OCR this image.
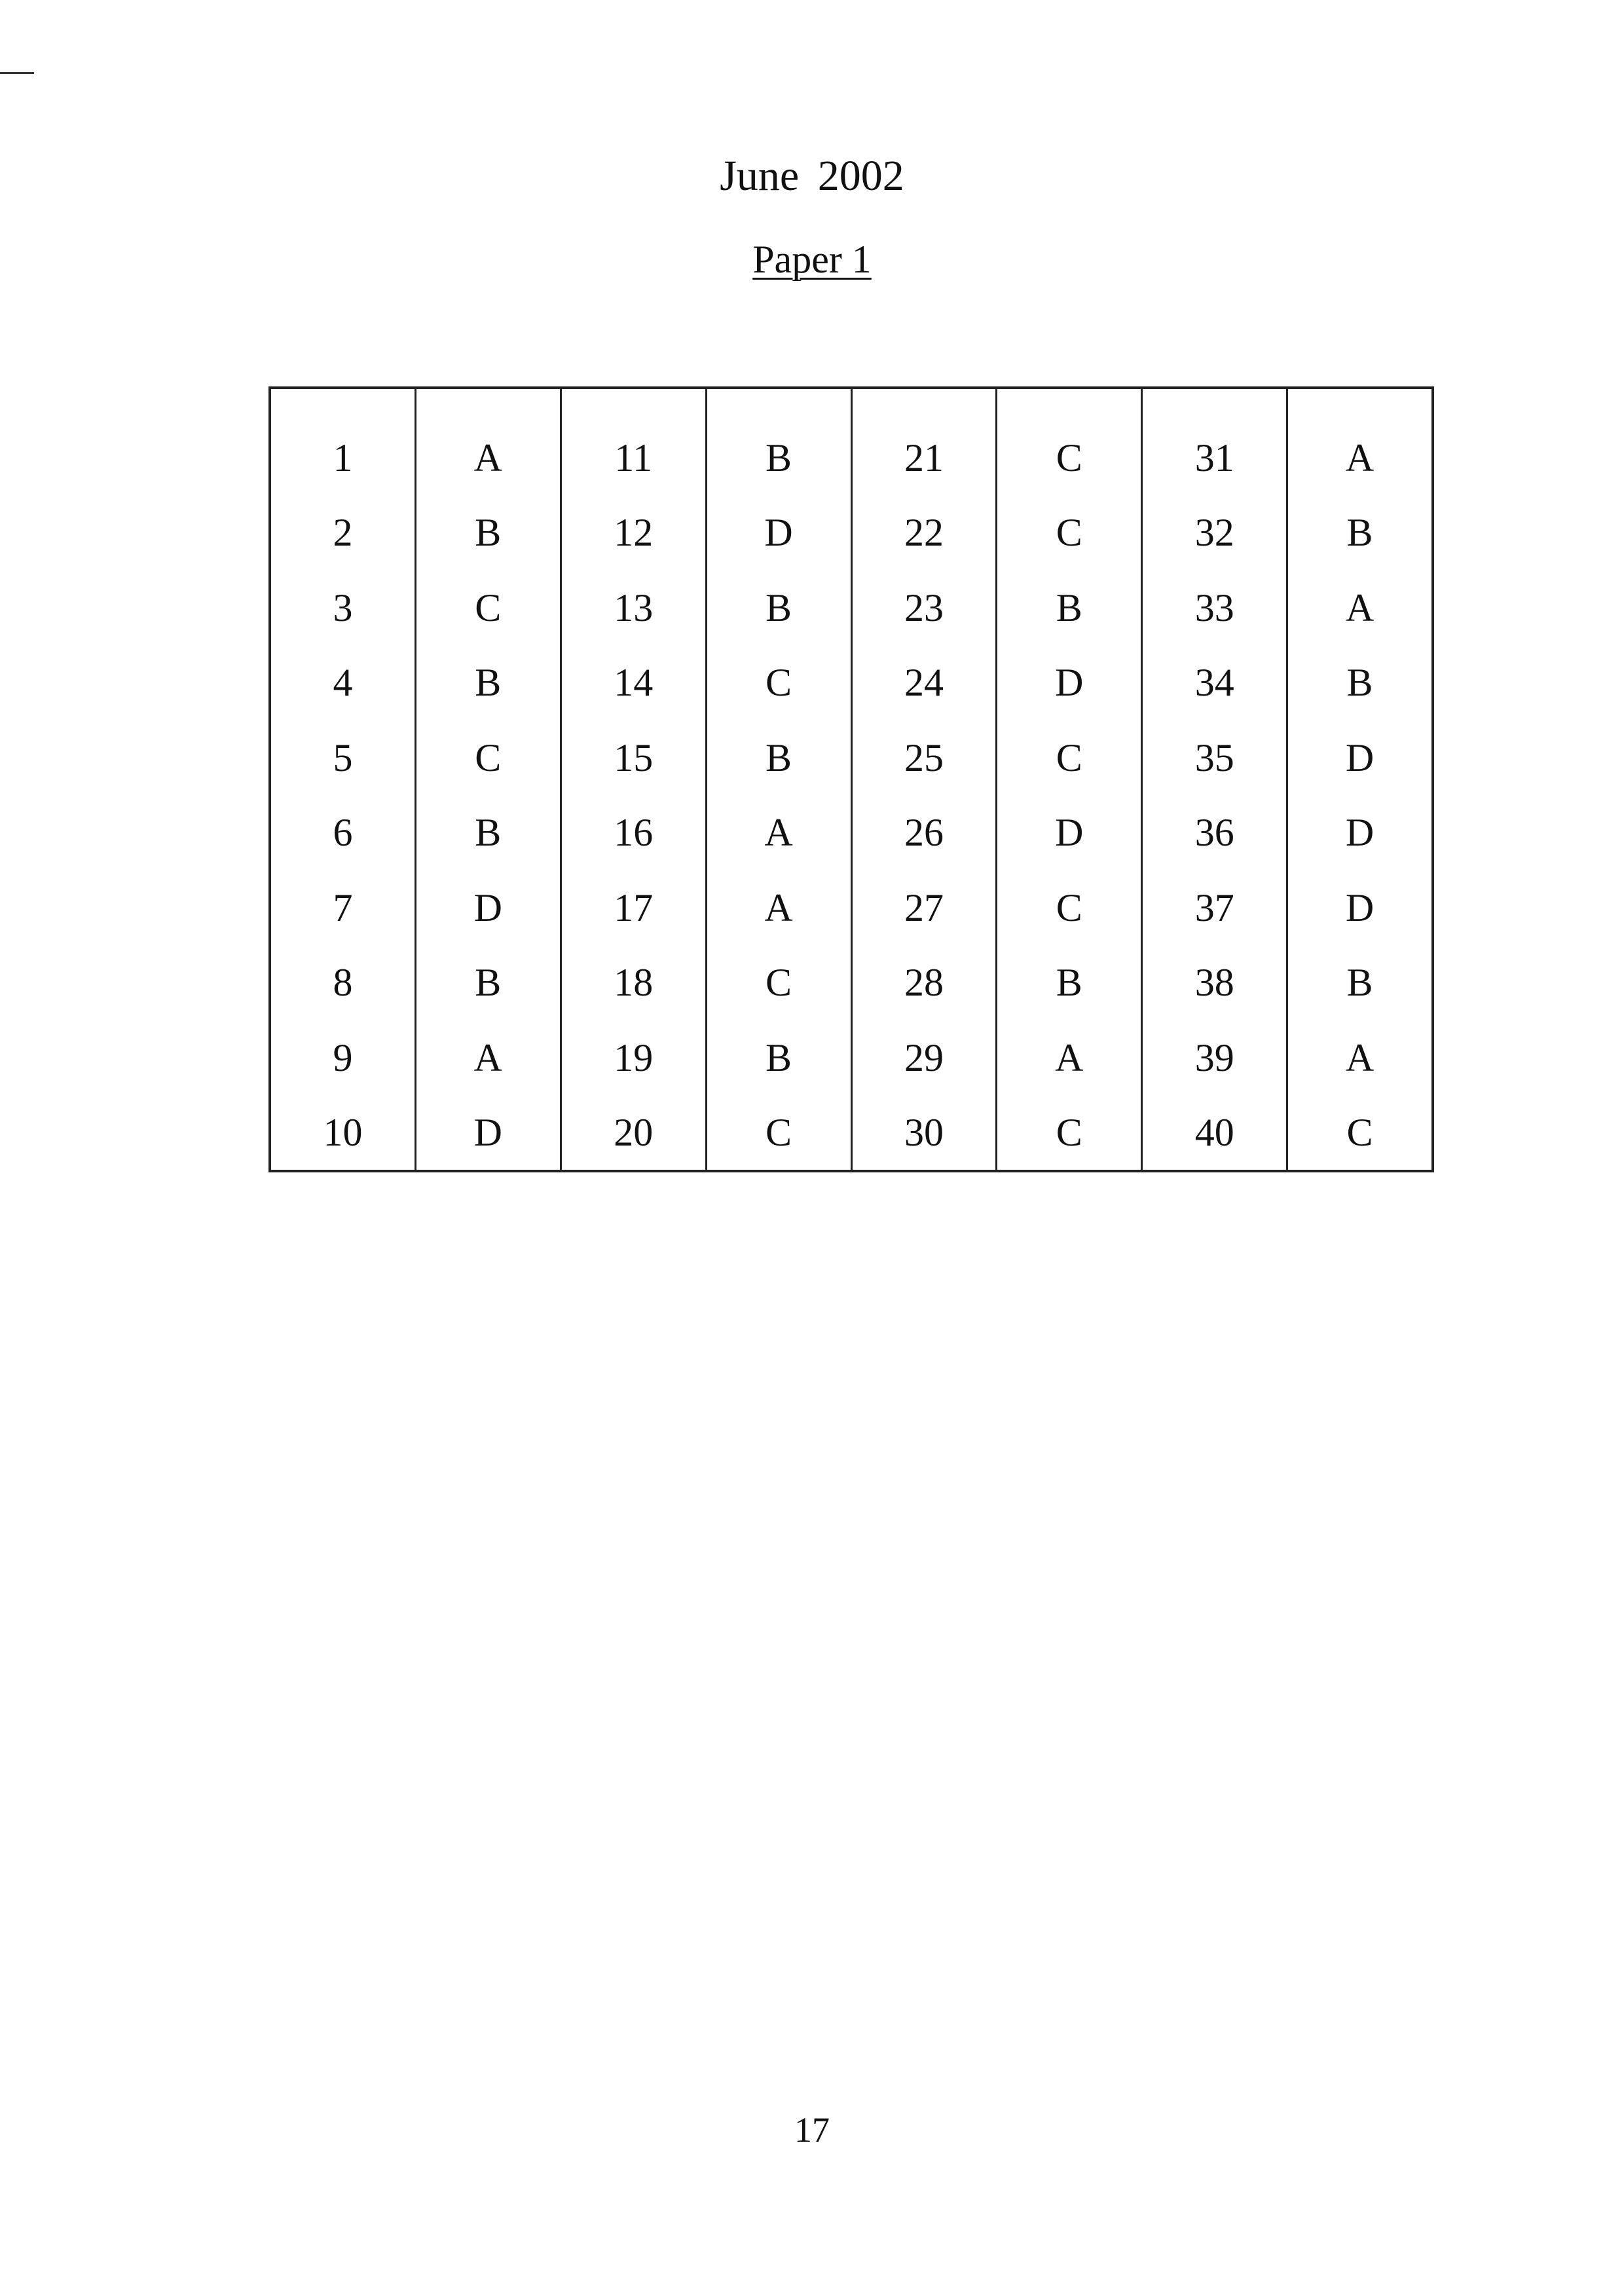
June 2002
Paper 1
1
2
3
4
5
6
7
8
9
10
A
B
C
B
C
B
D
B
A
D
11
12
13
14
15
16
17
18
19
20
B
D
B
C
B
A
A
C
B
C
21
22
23
24
25
26
27
28
29
30
C
C
B
D
C
D
C
B
A
C
31
32
33
34
35
36
37
38
39
40
A
B
A
B
D
D
D
B
A
C
17
